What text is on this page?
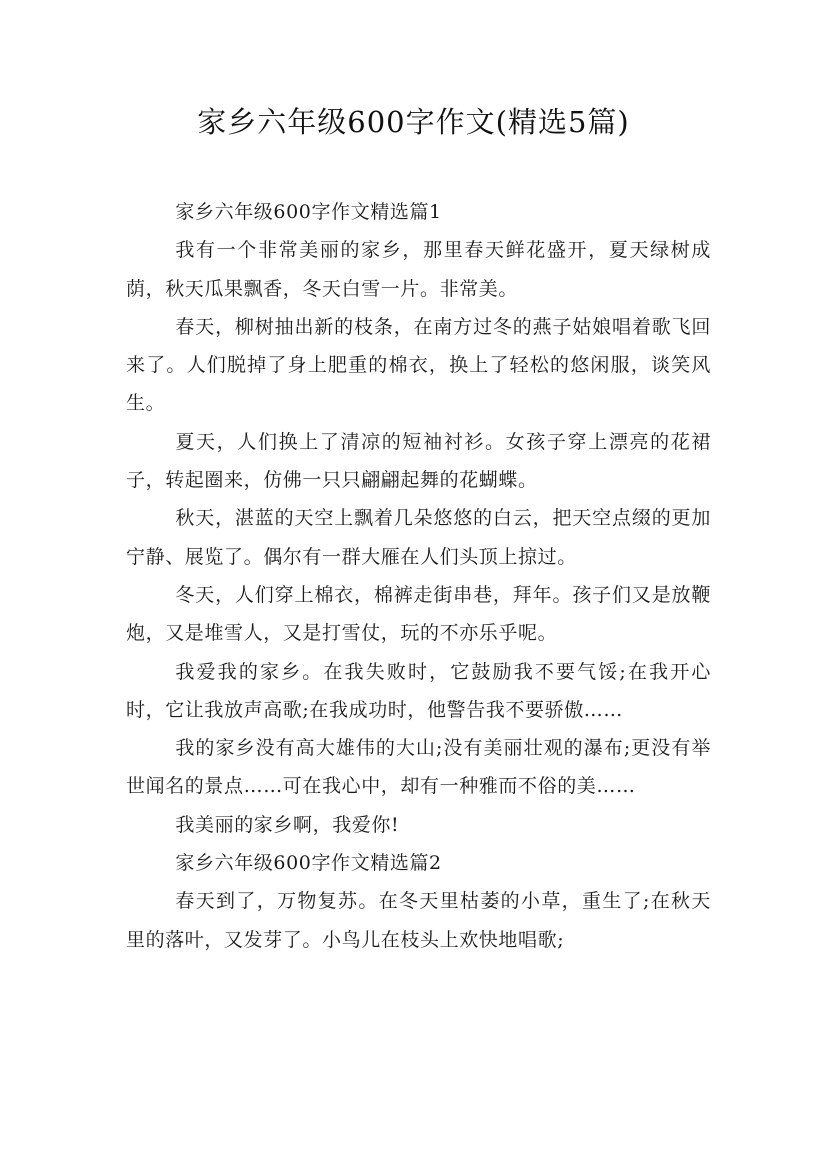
家乡六年级600字作文(精选5篇)

家乡六年级600字作文精选篇1

我有一个非常美丽的家乡，那里春天鲜花盛开，夏天绿树成荫，秋天瓜果飘香，冬天白雪一片。非常美。

春天，柳树抽出新的枝条，在南方过冬的燕子姑娘唱着歌飞回来了。人们脱掉了身上肥重的棉衣，换上了轻松的悠闲服，谈笑风生。

夏天，人们换上了清凉的短袖衬衫。女孩子穿上漂亮的花裙子，转起圈来，仿佛一只只翩翩起舞的花蝴蝶。

秋天，湛蓝的天空上飘着几朵悠悠的白云，把天空点缀的更加宁静、展览了。偶尔有一群大雁在人们头顶上掠过。

冬天，人们穿上棉衣，棉裤走街串巷，拜年。孩子们又是放鞭炮，又是堆雪人，又是打雪仗，玩的不亦乐乎呢。

我爱我的家乡。在我失败时，它鼓励我不要气馁;在我开心时，它让我放声高歌;在我成功时，他警告我不要骄傲……

我的家乡没有高大雄伟的大山;没有美丽壮观的瀑布;更没有举世闻名的景点……可在我心中，却有一种雅而不俗的美……

我美丽的家乡啊，我爱你!

家乡六年级600字作文精选篇2

春天到了，万物复苏。在冬天里枯萎的小草，重生了;在秋天里的落叶，又发芽了。小鸟儿在枝头上欢快地唱歌;
